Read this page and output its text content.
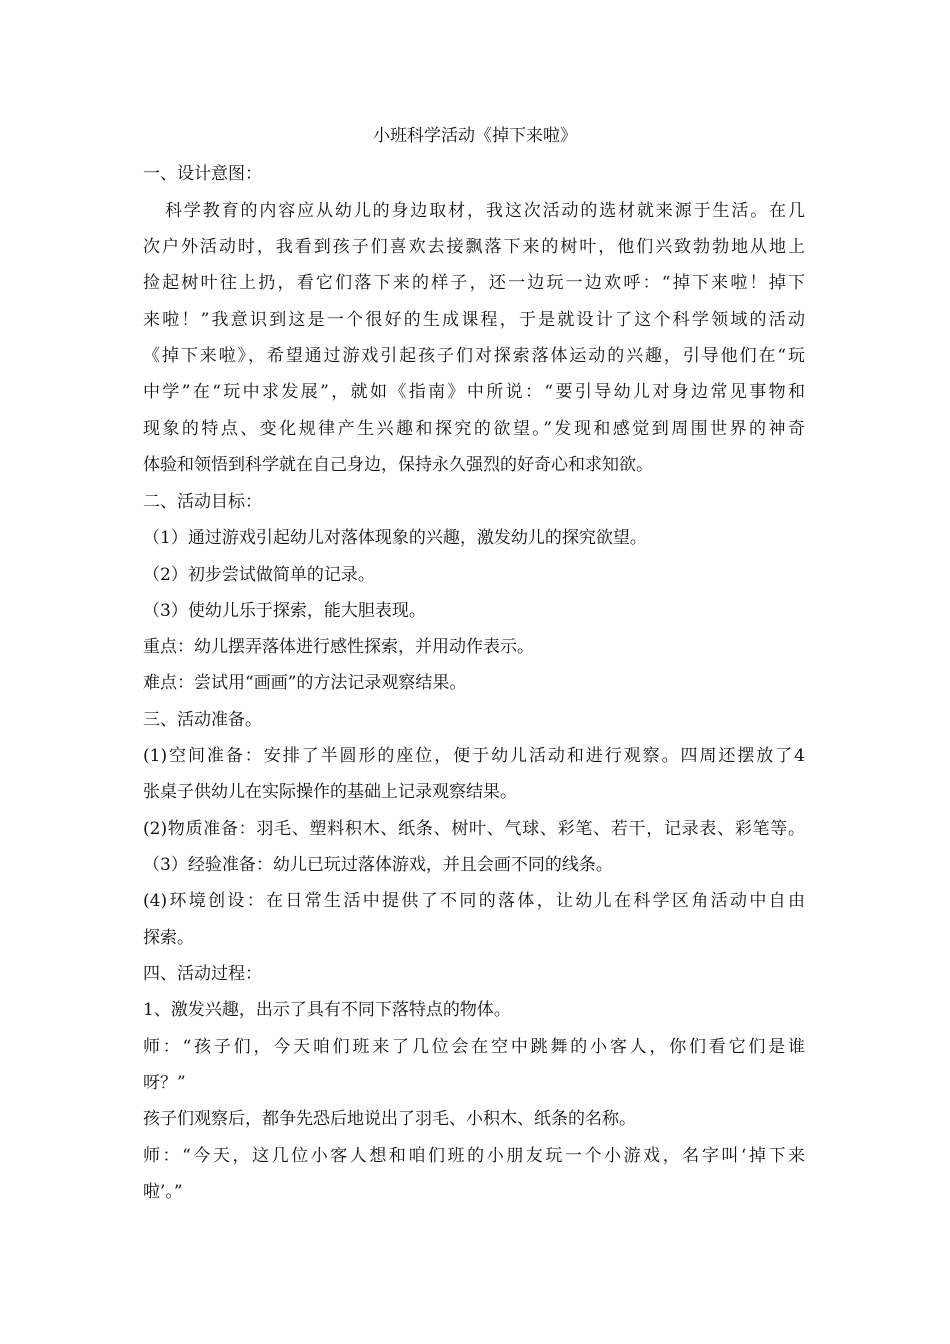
小班科学活动《掉下来啦》
一、设计意图：
科学教育的内容应从幼儿的身边取材，我这次活动的选材就来源于生活。在几
次户外活动时，我看到孩子们喜欢去接飘落下来的树叶，他们兴致勃勃地从地上
捡起树叶往上扔，看它们落下来的样子，还一边玩一边欢呼：“掉下来啦！掉下
来啦！”我意识到这是一个很好的生成课程，于是就设计了这个科学领域的活动
《掉下来啦》，希望通过游戏引起孩子们对探索落体运动的兴趣，引导他们在“玩
中学”在“玩中求发展”，就如《指南》中所说：“要引导幼儿对身边常见事物和
现象的特点、变化规律产生兴趣和探究的欲望。”发现和感觉到周围世界的神奇
体验和领悟到科学就在自己身边，保持永久强烈的好奇心和求知欲。
二、活动目标：
（1）通过游戏引起幼儿对落体现象的兴趣，激发幼儿的探究欲望。
（2）初步尝试做简单的记录。
（3）使幼儿乐于探索，能大胆表现。
重点：幼儿摆弄落体进行感性探索，并用动作表示。
难点：尝试用“画画”的方法记录观察结果。
三、活动准备。
(1)空间准备：安排了半圆形的座位，便于幼儿活动和进行观察。四周还摆放了4
张桌子供幼儿在实际操作的基础上记录观察结果。
(2)物质准备：羽毛、塑料积木、纸条、树叶、气球、彩笔、若干，记录表、彩笔等。
（3）经验准备：幼儿已玩过落体游戏，并且会画不同的线条。
(4)环境创设：在日常生活中提供了不同的落体，让幼儿在科学区角活动中自由
探索。
四、活动过程：
1、激发兴趣，出示了具有不同下落特点的物体。
师：“孩子们，今天咱们班来了几位会在空中跳舞的小客人，你们看它们是谁
呀？”
孩子们观察后，都争先恐后地说出了羽毛、小积木、纸条的名称。
师：“今天，这几位小客人想和咱们班的小朋友玩一个小游戏，名字叫‘掉下来
啦’。”
